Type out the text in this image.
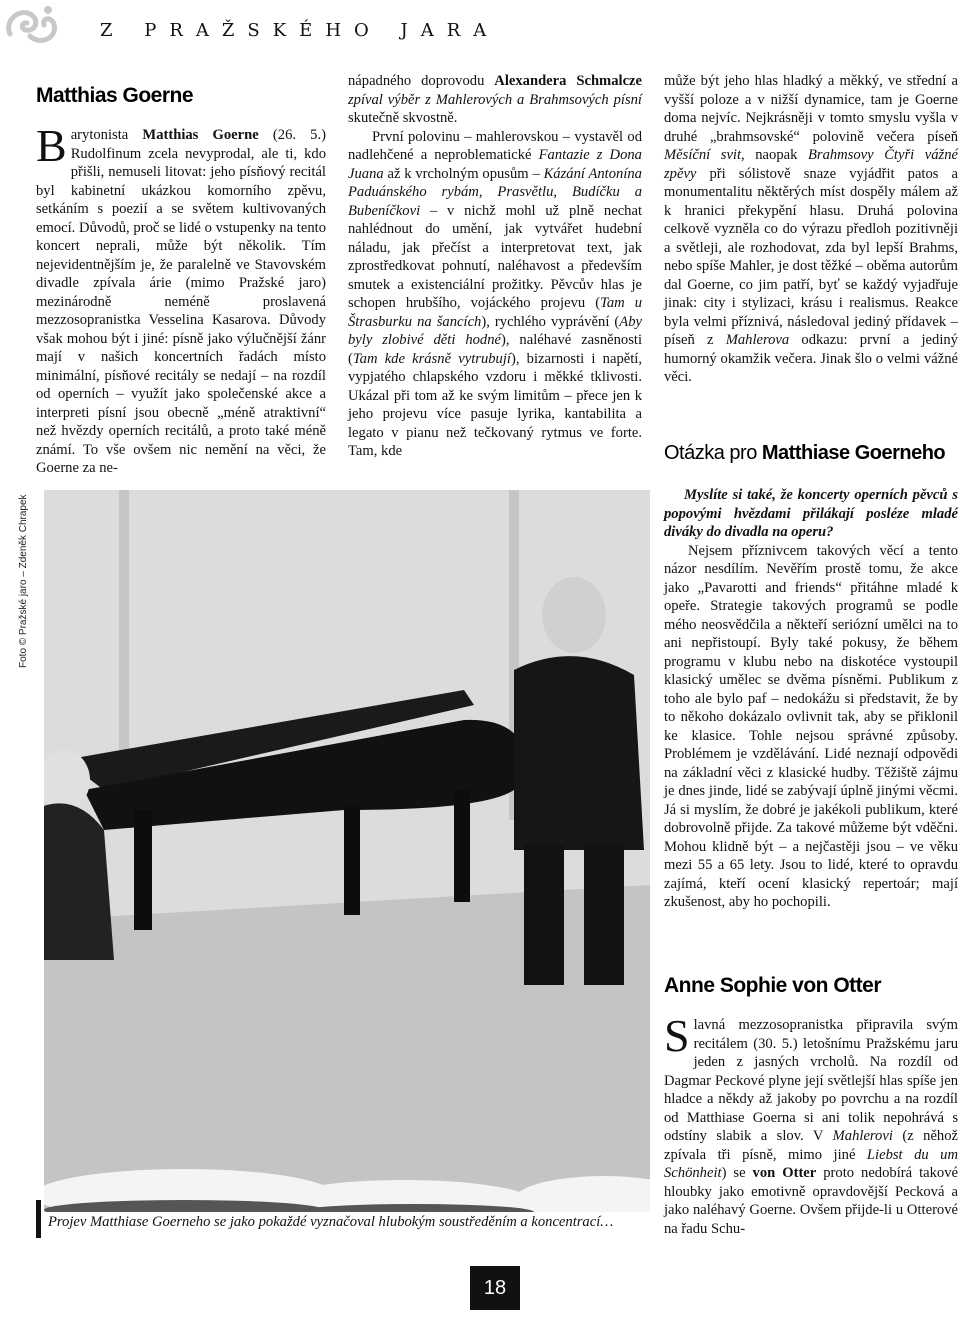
Z PRAŽSKÉHO JARA
Matthias Goerne

Barytonista Matthias Goerne (26. 5.) Rudolfinum zcela nevyprodal, ale ti, kdo přišli, nemuseli litovat: jeho písňový recitál byl kabinetní ukázkou komorního zpěvu, setkáním s poezií a se světem kultivovaných emocí. Důvodů, proč se lidé o vstupenky na tento koncert neprali, může být několik. Tím nejevidentnějším je, že paralelně ve Stavovském divadle zpívala árie (mimo Pražské jaro) mezinárodně neméně proslavená mezzosopranistka Vesselina Kasarova. Důvody však mohou být i jiné: písně jako výlučnější žánr mají v našich koncertních řadách místo minimální, písňové recitály se nedají – na rozdíl od operních – využít jako společenské akce a interpreti písní jsou obecně „méně atraktivní“ než hvězdy operních recitálů, a proto také méně známí. To vše ovšem nic nemění na věci, že Goerne za ne-

nápadného doprovodu Alexandera Schmalcze zpíval výběr z Mahlerových a Brahmsových písní skutečně skvostně.

První polovinu – mahlerovskou – vystavěl od nadlehčené a neproblematické Fantazie z Dona Juana až k vrcholným opusům – Kázání Antonína Paduánského rybám, Prasvětlu, Budíčku a Bubeníčkovi – v nichž mohl už plně nechat nahlédnout do umění, jak vytvářet hudební náladu, jak přečíst a interpretovat text, jak zprostředkovat pohnutí, naléhavost a především smutek a existenciální prožitky. Pěvcův hlas je schopen hrubšího, vojáckého projevu (Tam u Štrasburku na šancích), rychlého vyprávění (Aby byly zlobivé děti hodné), naléhavé zasněnosti (Tam kde krásně vytrubují), bizarnosti i napětí, vypjatého chlapského vzdoru i měkké tklivosti. Ukázal při tom až ke svým limitům – přece jen k jeho projevu více pasuje lyrika, kantabilita a legato v pianu než tečkovaný rytmus ve forte. Tam, kde

může být jeho hlas hladký a měkký, ve střední a vyšší poloze a v nižší dynamice, tam je Goerne doma nejvíc. Nejkrásněji v tomto smyslu vyšla v druhé „brahmsovské“ polovině večera píseň Měsíční svit, naopak Brahmsovy Čtyři vážné zpěvy při sólistově snaze vyjádřit patos a monumentalitu něktěrých míst dospěly málem až k hranici překypění hlasu. Druhá polovina celkově vyzněla co do výrazu předloh pozitivněji a světleji, ale rozhodovat, zda byl lepší Brahms, nebo spíše Mahler, je dost těžké – oběma autorům dal Goerne, co jim patří, byť se každý vyjadřuje jinak: city i stylizaci, krásu i realismus. Reakce byla velmi příznivá, následoval jediný přídavek – píseň z Mahlerova odkazu: první a jediný humorný okamžik večera. Jinak šlo o velmi vážné věci.

Otázka pro Matthiase Goerneho

Myslíte si také, že koncerty operních pěvců s popovými hvězdami přilákají posléze mladé diváky do divadla na operu?

Nejsem příznivcem takových věcí a tento názor nesdílím. Nevěřím prostě tomu, že akce jako „Pavarotti and friends“ přitáhne mladé k opeře. Strategie takových programů se podle mého neosvědčila a někteří seriózní umělci na to ani nepřistoupí. Byly také pokusy, že během programu v klubu nebo na diskotéce vystoupil klasický umělec se dvěma písněmi. Publikum z toho ale bylo paf – nedokážu si představit, že by to někoho dokázalo ovlivnit tak, aby se přiklonil ke klasice. Tohle nejsou správné způsoby. Problémem je vzdělávání. Lidé neznají odpovědi na základní věci z klasické hudby. Těžiště zájmu je dnes jinde, lidé se zabývají úplně jinými věcmi. Já si myslím, že dobré je jakékoli publikum, které dobrovolně přijde. Za takové můžeme být vděčni. Mohou klidně být – a nejčastěji jsou – ve věku mezi 55 a 65 lety. Jsou to lidé, které to opravdu zajímá, kteří ocení klasický repertoár; mají zkušenost, aby ho pochopili.

Anne Sophie von Otter

Slavná mezzosopranistka připravila svým recitálem (30. 5.) letošnímu Pražskému jaru jeden z jasných vrcholů. Na rozdíl od Dagmar Peckové plyne její světlejší hlas spíše jen hladce a někdy až jakoby po povrchu a na rozdíl od Matthiase Goerna si ani tolik nepohrává s odstíny slabik a slov. V Mahlerovi (z něhož zpívala tři písně, mimo jiné Liebst du um Schönheit) se von Otter proto nedobírá takové hloubky jako emotivně opravdovější Pecková a jako naléhavý Goerne. Ovšem přijde-li u Otterové na řadu Schu-

Foto © Pražské jaro – Zdeněk Chrapek
Projev Matthiase Goerneho se jako pokaždé vyznačoval hlubokým soustředěním a koncentrací…
18
